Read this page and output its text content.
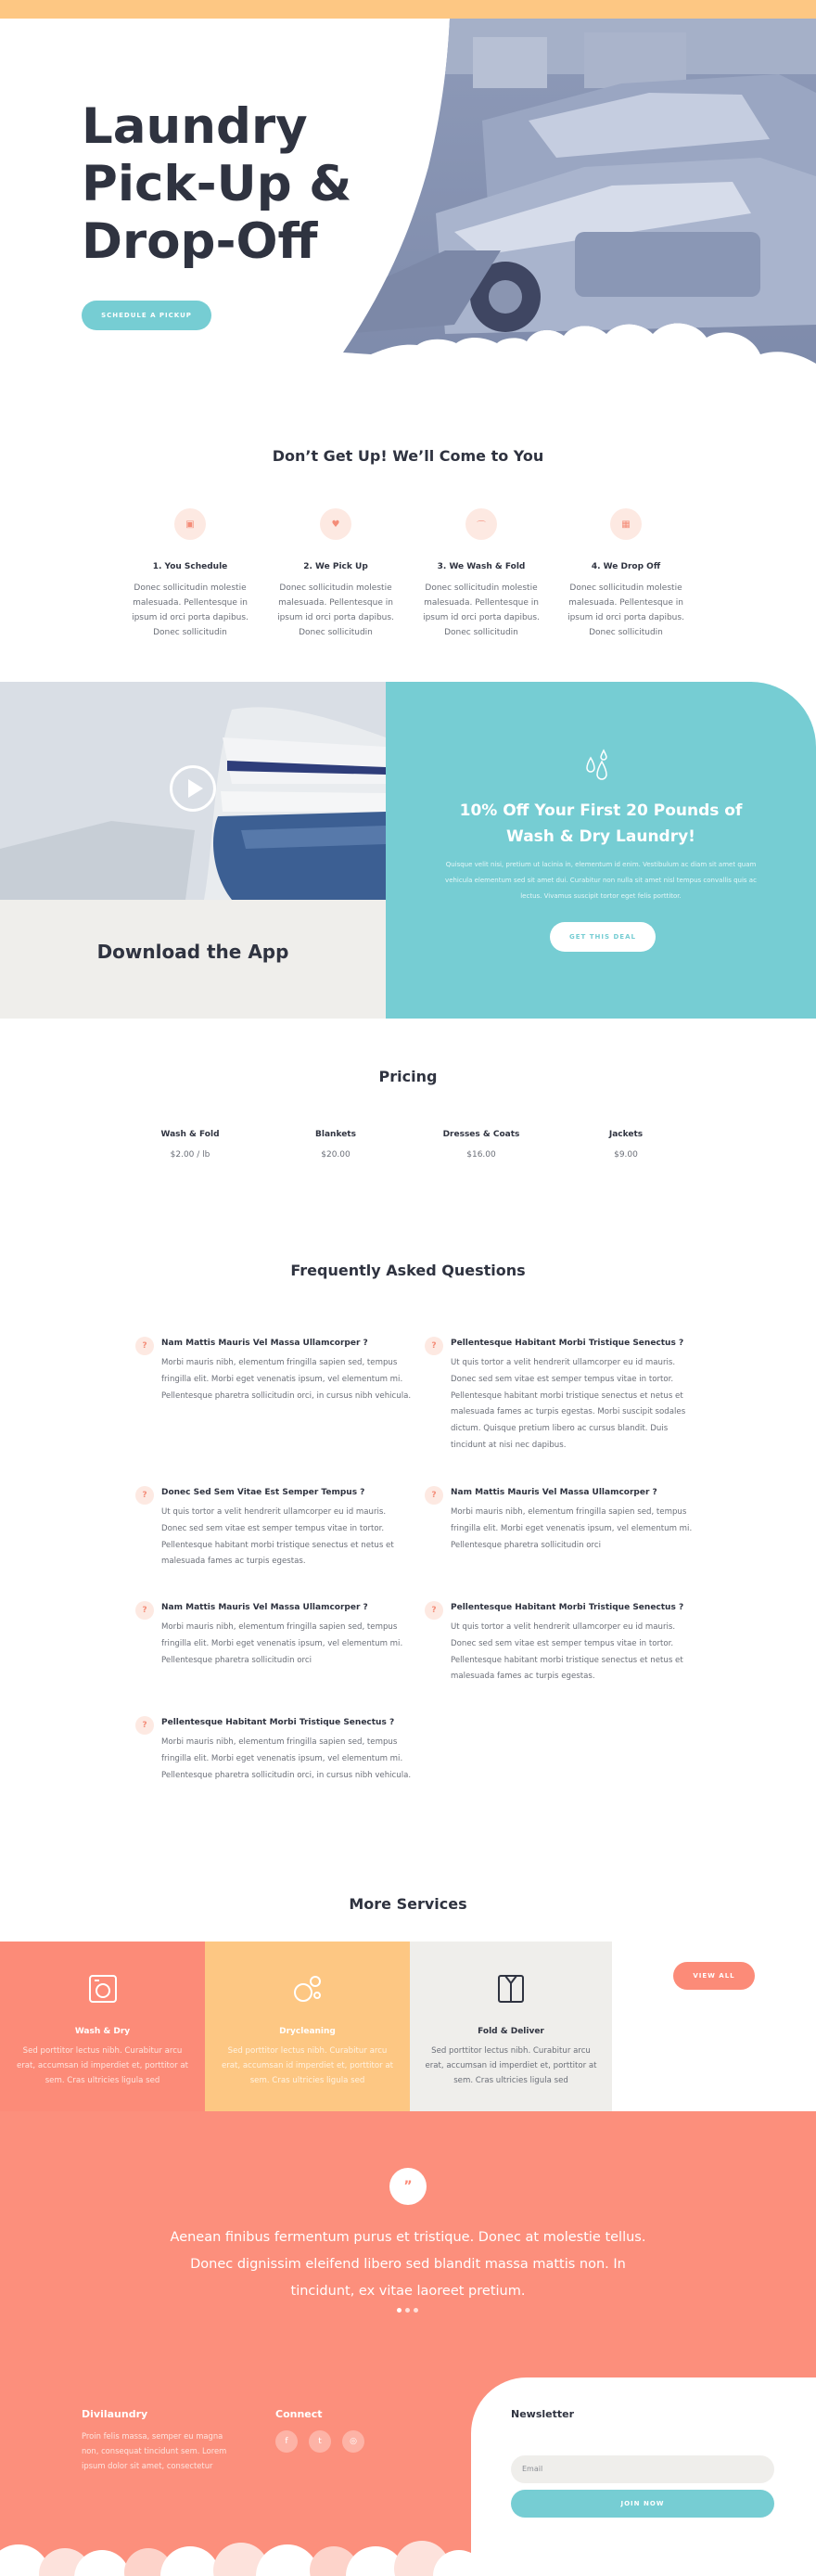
Laundry
Pick-Up &
Drop-Off
SCHEDULE A PICKUP
Don’t Get Up! We’ll Come to You
▣
1. You Schedule
Donec sollicitudin molestie malesuada. Pellentesque in ipsum id orci porta dapibus. Donec sollicitudin
♥
2. We Pick Up
Donec sollicitudin molestie malesuada. Pellentesque in ipsum id orci porta dapibus. Donec sollicitudin
⌒
3. We Wash & Fold
Donec sollicitudin molestie malesuada. Pellentesque in ipsum id orci porta dapibus. Donec sollicitudin
▦
4. We Drop Off
Donec sollicitudin molestie malesuada. Pellentesque in ipsum id orci porta dapibus. Donec sollicitudin
Download the App
10% Off Your First 20 Pounds of Wash & Dry Laundry!
Quisque velit nisi, pretium ut lacinia in, elementum id enim. Vestibulum ac diam sit amet quam vehicula elementum sed sit amet dui. Curabitur non nulla sit amet nisl tempus convallis quis ac lectus. Vivamus suscipit tortor eget felis porttitor.
GET THIS DEAL
Pricing
Wash & Fold
$2.00 / lb
Blankets
$20.00
Dresses & Coats
$16.00
Jackets
$9.00
Frequently Asked Questions
?	Nam Mattis Mauris Vel Massa Ullamcorper ?
Morbi mauris nibh, elementum fringilla sapien sed, tempus fringilla elit. Morbi eget venenatis ipsum, vel elementum mi. Pellentesque pharetra sollicitudin orci, in cursus nibh vehicula.
?	Pellentesque Habitant Morbi Tristique Senectus ?
Ut quis tortor a velit hendrerit ullamcorper eu id mauris. Donec sed sem vitae est semper tempus vitae in tortor. Pellentesque habitant morbi tristique senectus et netus et malesuada fames ac turpis egestas. Morbi suscipit sodales dictum. Quisque pretium libero ac cursus blandit. Duis tincidunt at nisi nec dapibus.
?	Donec Sed Sem Vitae Est Semper Tempus ?
Ut quis tortor a velit hendrerit ullamcorper eu id mauris. Donec sed sem vitae est semper tempus vitae in tortor. Pellentesque habitant morbi tristique senectus et netus et malesuada fames ac turpis egestas.
?	Nam Mattis Mauris Vel Massa Ullamcorper ?
Morbi mauris nibh, elementum fringilla sapien sed, tempus fringilla elit. Morbi eget venenatis ipsum, vel elementum mi. Pellentesque pharetra sollicitudin orci
?	Nam Mattis Mauris Vel Massa Ullamcorper ?
Morbi mauris nibh, elementum fringilla sapien sed, tempus fringilla elit. Morbi eget venenatis ipsum, vel elementum mi. Pellentesque pharetra sollicitudin orci
?	Pellentesque Habitant Morbi Tristique Senectus ?
Ut quis tortor a velit hendrerit ullamcorper eu id mauris. Donec sed sem vitae est semper tempus vitae in tortor. Pellentesque habitant morbi tristique senectus et netus et malesuada fames ac turpis egestas.
?	Pellentesque Habitant Morbi Tristique Senectus ?
Morbi mauris nibh, elementum fringilla sapien sed, tempus fringilla elit. Morbi eget venenatis ipsum, vel elementum mi. Pellentesque pharetra sollicitudin orci, in cursus nibh vehicula.
More Services
Wash & Dry
Sed porttitor lectus nibh. Curabitur arcu erat, accumsan id imperdiet et, porttitor at sem. Cras ultricies ligula sed
Drycleaning
Sed porttitor lectus nibh. Curabitur arcu erat, accumsan id imperdiet et, porttitor at sem. Cras ultricies ligula sed
Fold & Deliver
Sed porttitor lectus nibh. Curabitur arcu erat, accumsan id imperdiet et, porttitor at sem. Cras ultricies ligula sed
VIEW ALL
”
Aenean finibus fermentum purus et tristique. Donec at molestie tellus. Donec dignissim eleifend libero sed blandit massa mattis non. In tincidunt, ex vitae laoreet pretium.
Divilaundry
Proin felis massa, semper eu magna non, consequat tincidunt sem. Lorem ipsum dolor sit amet, consectetur
Connect
f	t	◎
Newsletter
Email
JOIN NOW
